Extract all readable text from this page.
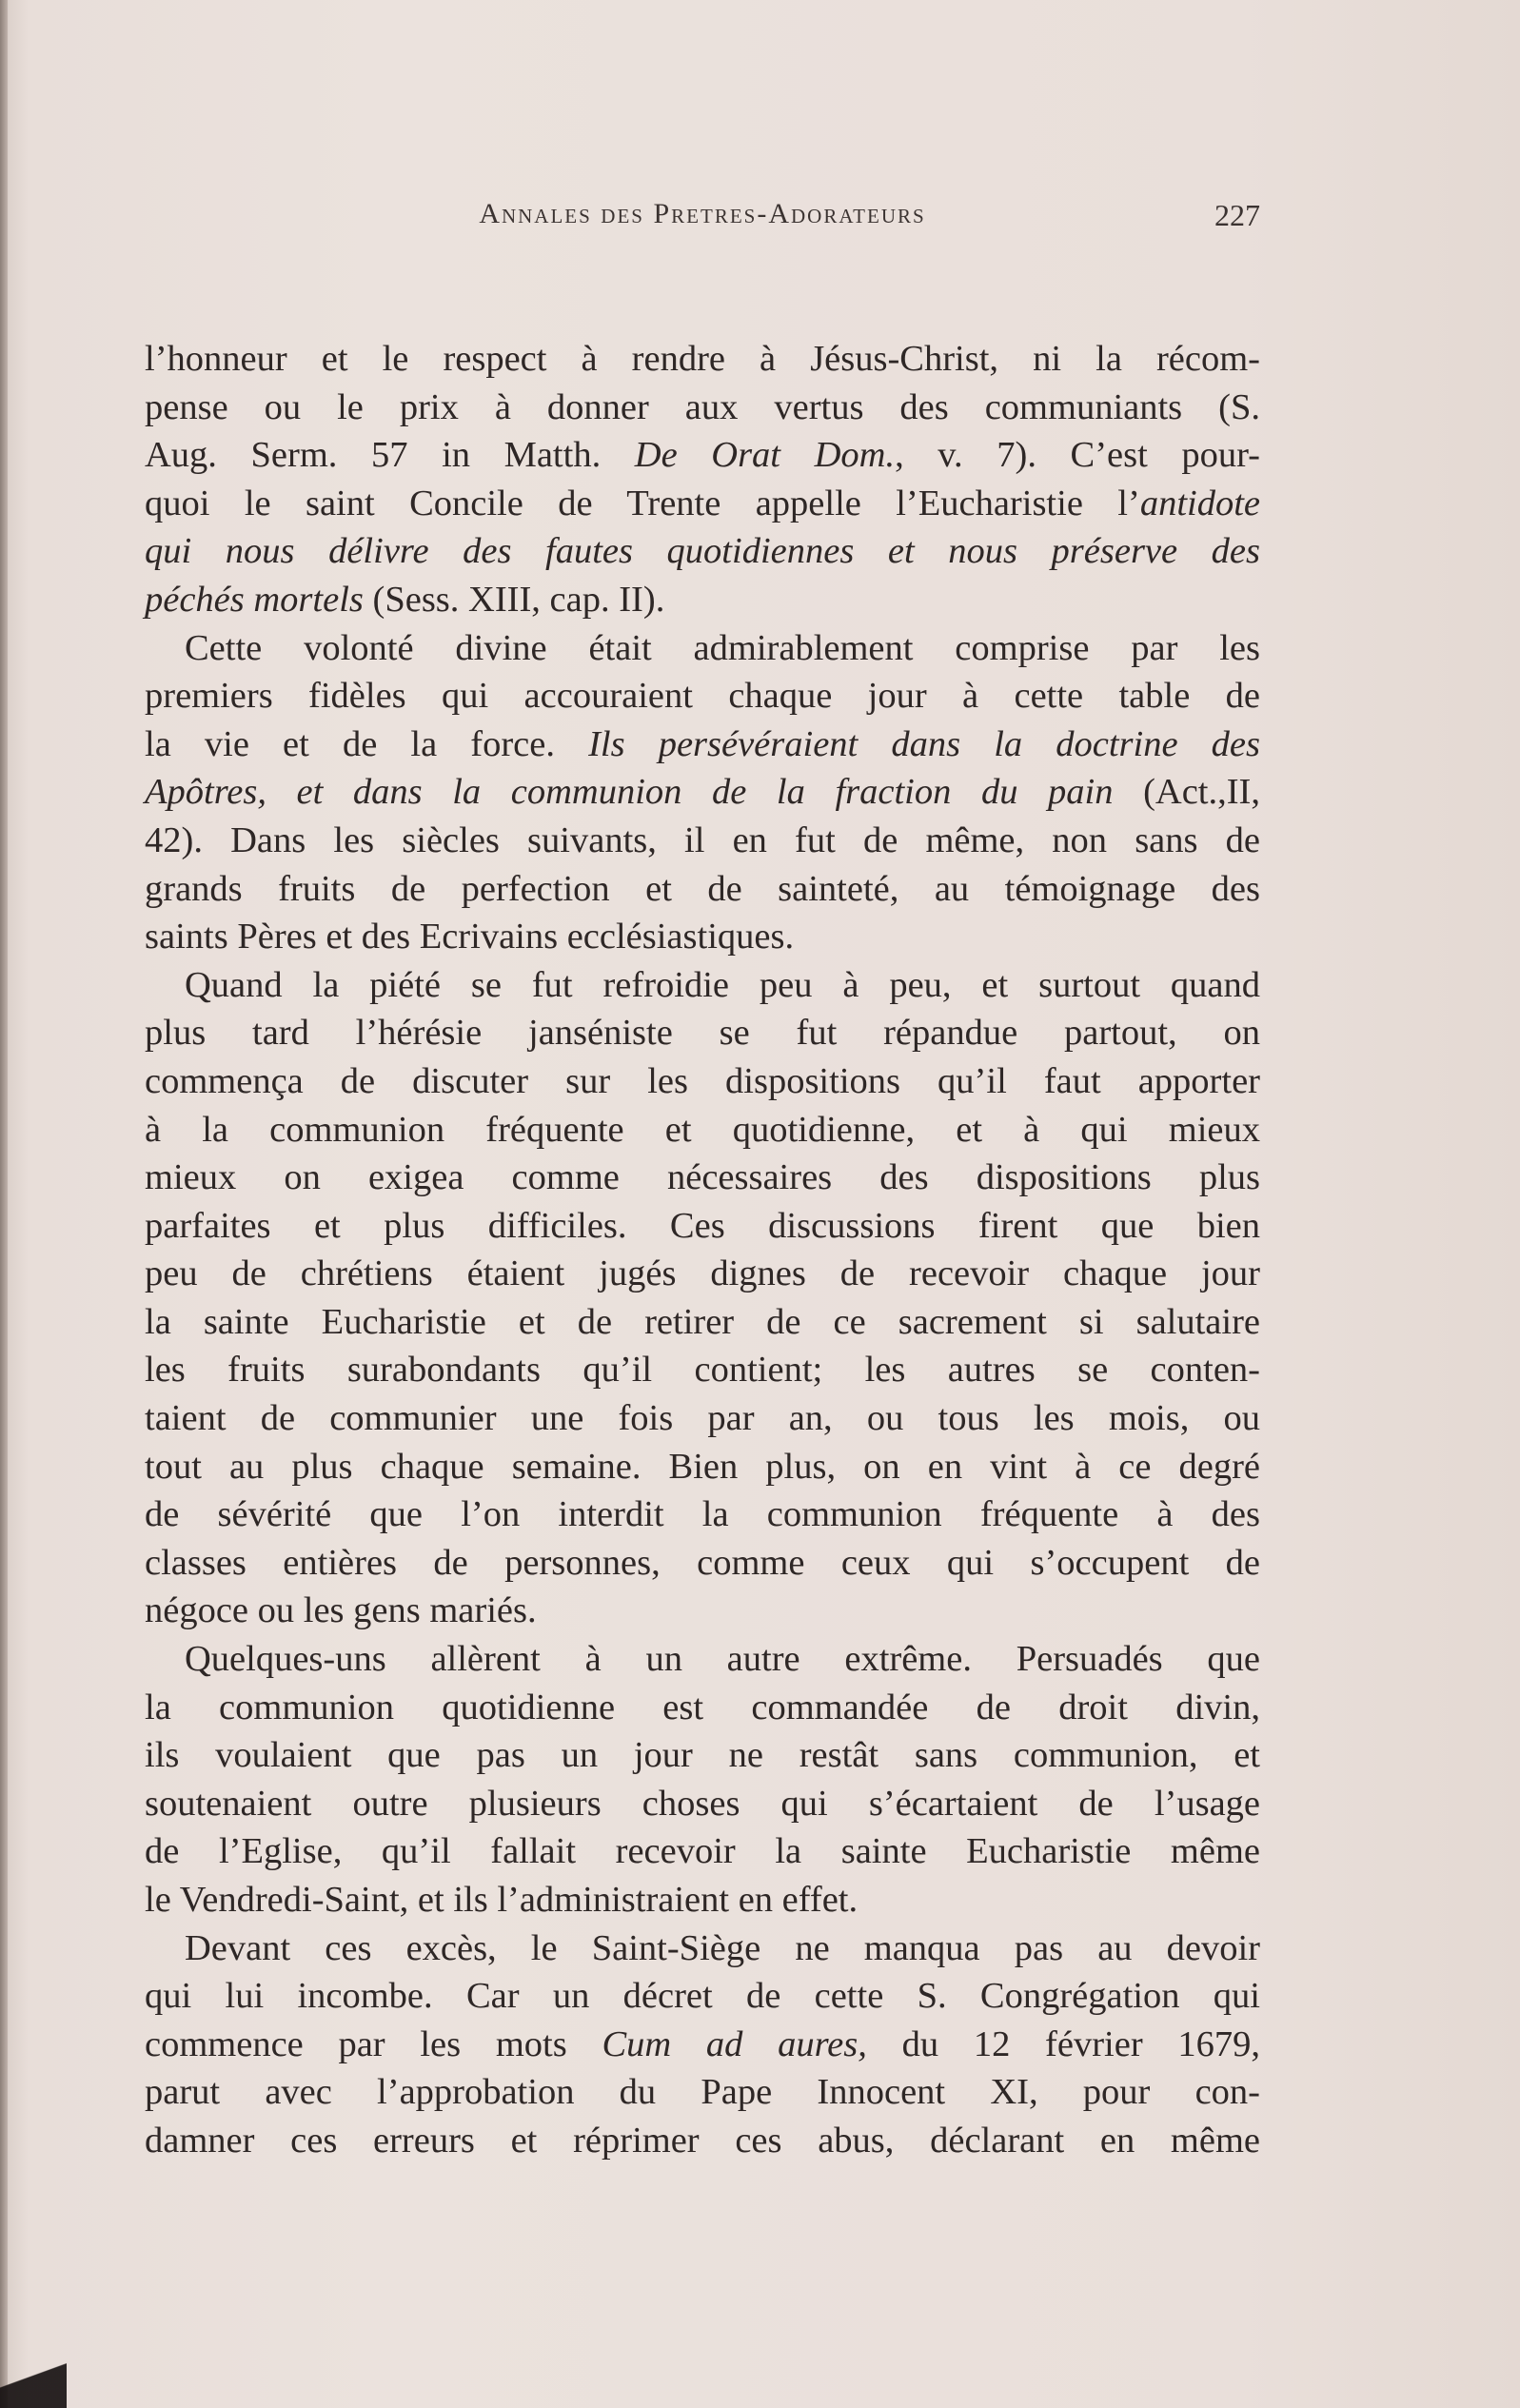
Annales des Pretres-Adorateurs	227
l’honneur et le respect à rendre à Jésus-Christ, ni la récom-
pense ou le prix à donner aux vertus des communiants (S.
Aug. Serm. 57 in Matth. De Orat Dom., v. 7). C’est pour-
quoi le saint Concile de Trente appelle l’Eucharistie l’antidote
qui nous délivre des fautes quotidiennes et nous préserve des
péchés mortels (Sess. XIII, cap. II).
Cette volonté divine était admirablement comprise par les
premiers fidèles qui accouraient chaque jour à cette table de
la vie et de la force. Ils persévéraient dans la doctrine des
Apôtres, et dans la communion de la fraction du pain (Act.,II,
42). Dans les siècles suivants, il en fut de même, non sans de
grands fruits de perfection et de sainteté, au témoignage des
saints Pères et des Ecrivains ecclésiastiques.
Quand la piété se fut refroidie peu à peu, et surtout quand
plus tard l’hérésie janséniste se fut répandue partout, on
commença de discuter sur les dispositions qu’il faut apporter
à la communion fréquente et quotidienne, et à qui mieux
mieux on exigea comme nécessaires des dispositions plus
parfaites et plus difficiles. Ces discussions firent que bien
peu de chrétiens étaient jugés dignes de recevoir chaque jour
la sainte Eucharistie et de retirer de ce sacrement si salutaire
les fruits surabondants qu’il contient; les autres se conten-
taient de communier une fois par an, ou tous les mois, ou
tout au plus chaque semaine. Bien plus, on en vint à ce degré
de sévérité que l’on interdit la communion fréquente à des
classes entières de personnes, comme ceux qui s’occupent de
négoce ou les gens mariés.
Quelques-uns allèrent à un autre extrême. Persuadés que
la communion quotidienne est commandée de droit divin,
ils voulaient que pas un jour ne restât sans communion, et
soutenaient outre plusieurs choses qui s’écartaient de l’usage
de l’Eglise, qu’il fallait recevoir la sainte Eucharistie même
le Vendredi-Saint, et ils l’administraient en effet.
Devant ces excès, le Saint-Siège ne manqua pas au devoir
qui lui incombe. Car un décret de cette S. Congrégation qui
commence par les mots Cum ad aures, du 12 février 1679,
parut avec l’approbation du Pape Innocent XI, pour con-
damner ces erreurs et réprimer ces abus, déclarant en même
